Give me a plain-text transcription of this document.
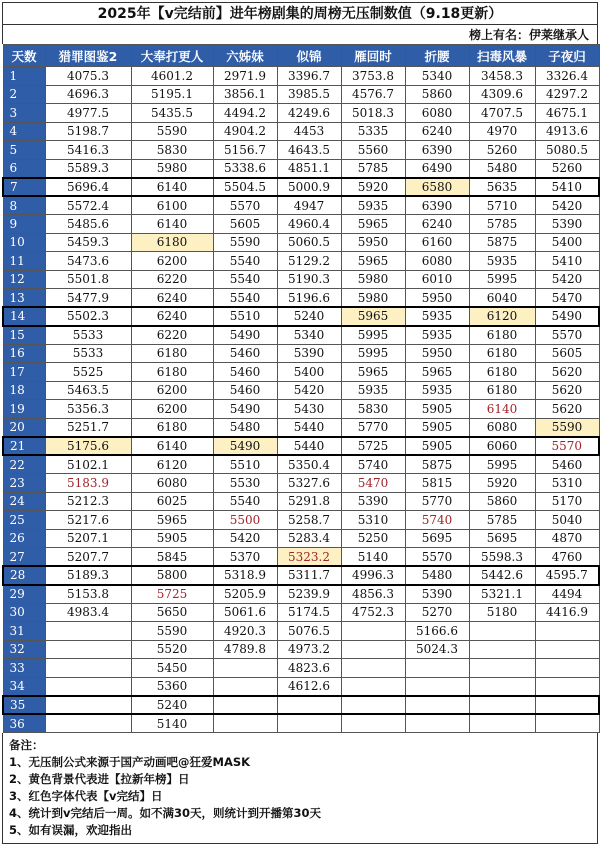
2025年【v完结前】进年榜剧集的周榜无压制数值（9.18更新）
榜上有名：伊莱继承人
天数	猎罪图鉴2	大奉打更人	六姊妹	似锦	雁回时	折腰	扫毒风暴	子夜归
1	4075.3	4601.2	2971.9	3396.7	3753.8	5340	3458.3	3326.4
2	4696.3	5195.1	3856.1	3985.5	4576.7	5860	4309.6	4297.2
3	4977.5	5435.5	4494.2	4249.6	5018.3	6080	4707.5	4675.1
4	5198.7	5590	4904.2	4453	5335	6240	4970	4913.6
5	5416.3	5830	5156.7	4643.5	5560	6390	5260	5080.5
6	5589.3	5980	5338.6	4851.1	5785	6490	5480	5260
7	5696.4	6140	5504.5	5000.9	5920	6580	5635	5410
8	5572.4	6100	5570	4947	5935	6390	5710	5420
9	5485.6	6140	5605	4960.4	5965	6240	5785	5390
10	5459.3	6180	5590	5060.5	5950	6160	5875	5400
11	5473.6	6200	5540	5129.2	5965	6080	5935	5410
12	5501.8	6220	5540	5190.3	5980	6010	5995	5420
13	5477.9	6240	5540	5196.6	5980	5950	6040	5470
14	5502.3	6240	5510	5240	5965	5935	6120	5490
15	5533	6220	5490	5340	5995	5935	6180	5570
16	5533	6180	5460	5390	5995	5950	6180	5605
17	5525	6180	5460	5400	5965	5965	6180	5620
18	5463.5	6200	5460	5420	5935	5935	6180	5620
19	5356.3	6200	5490	5430	5830	5905	6140	5620
20	5251.7	6180	5480	5440	5770	5905	6080	5590
21	5175.6	6140	5490	5440	5725	5905	6060	5570
22	5102.1	6120	5510	5350.4	5740	5875	5995	5460
23	5183.9	6080	5530	5327.6	5470	5815	5920	5310
24	5212.3	6025	5540	5291.8	5390	5770	5860	5170
25	5217.6	5965	5500	5258.7	5310	5740	5785	5040
26	5207.1	5905	5420	5283.4	5250	5695	5695	4870
27	5207.7	5845	5370	5323.2	5140	5570	5598.3	4760
28	5189.3	5800	5318.9	5311.7	4996.3	5480	5442.6	4595.7
29	5153.8	5725	5205.9	5239.9	4856.3	5390	5321.1	4494
30	4983.4	5650	5061.6	5174.5	4752.3	5270	5180	4416.9
31		5590	4920.3	5076.5		5166.6		
32		5520	4789.8	4973.2		5024.3		
33		5450		4823.6				
34		5360		4612.6				
35		5240						
36		5140						
备注：
1、无压制公式来源于国产动画吧@狂爱MASK
2、黄色背景代表进【拉新年榜】日
3、红色字体代表【v完结】日
4、统计到v完结后一周。如不满30天，则统计到开播第30天
5、如有误漏，欢迎指出
